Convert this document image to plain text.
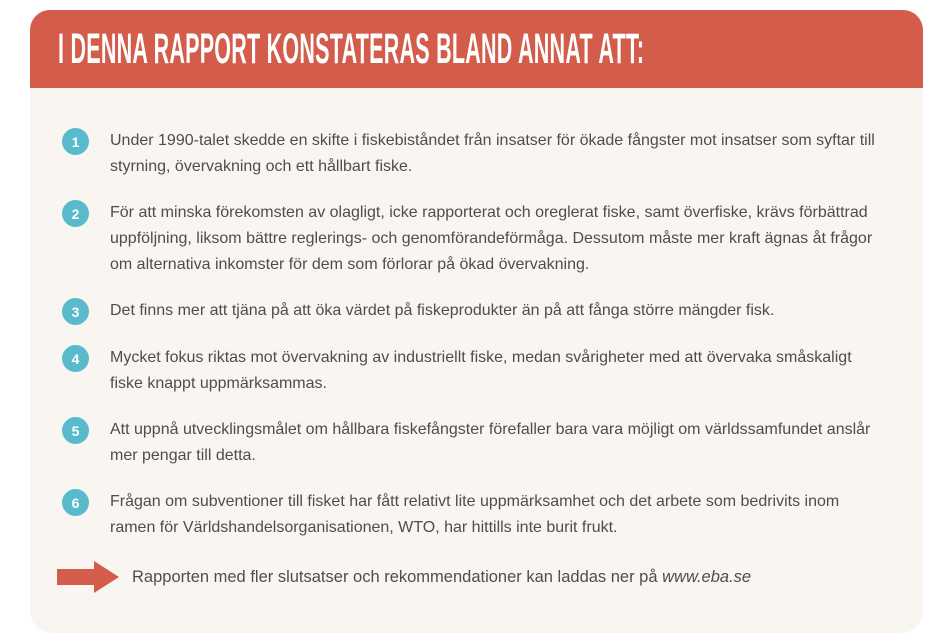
I DENNA RAPPORT KONSTATERAS BLAND ANNAT ATT:
1	Under 1990-talet skedde en skifte i fiskebiståndet från insatser för ökade fångster mot insatser som syftar till styrning, övervakning och ett hållbart fiske.
2	För att minska förekomsten av olagligt, icke rapporterat och oreglerat fiske, samt överfiske, krävs förbättrad uppföljning, liksom bättre reglerings- och genomförandeförmåga. Dessutom måste mer kraft ägnas åt frågor om alternativa inkomster för dem som förlorar på ökad övervakning.
3	Det finns mer att tjäna på att öka värdet på fiskeprodukter än på att fånga större mängder fisk.
4	Mycket fokus riktas mot övervakning av industriellt fiske, medan svårigheter med att övervaka småskaligt fiske knappt uppmärksammas.
5	Att uppnå utvecklingsmålet om hållbara fiskefångster förefaller bara vara möjligt om världssamfundet anslår mer pengar till detta.
6	Frågan om subventioner till fisket har fått relativt lite uppmärksamhet och det arbete som bedrivits inom ramen för Världshandelsorganisationen, WTO, har hittills inte burit frukt.
Rapporten med fler slutsatser och rekommendationer kan laddas ner på www.eba.se
